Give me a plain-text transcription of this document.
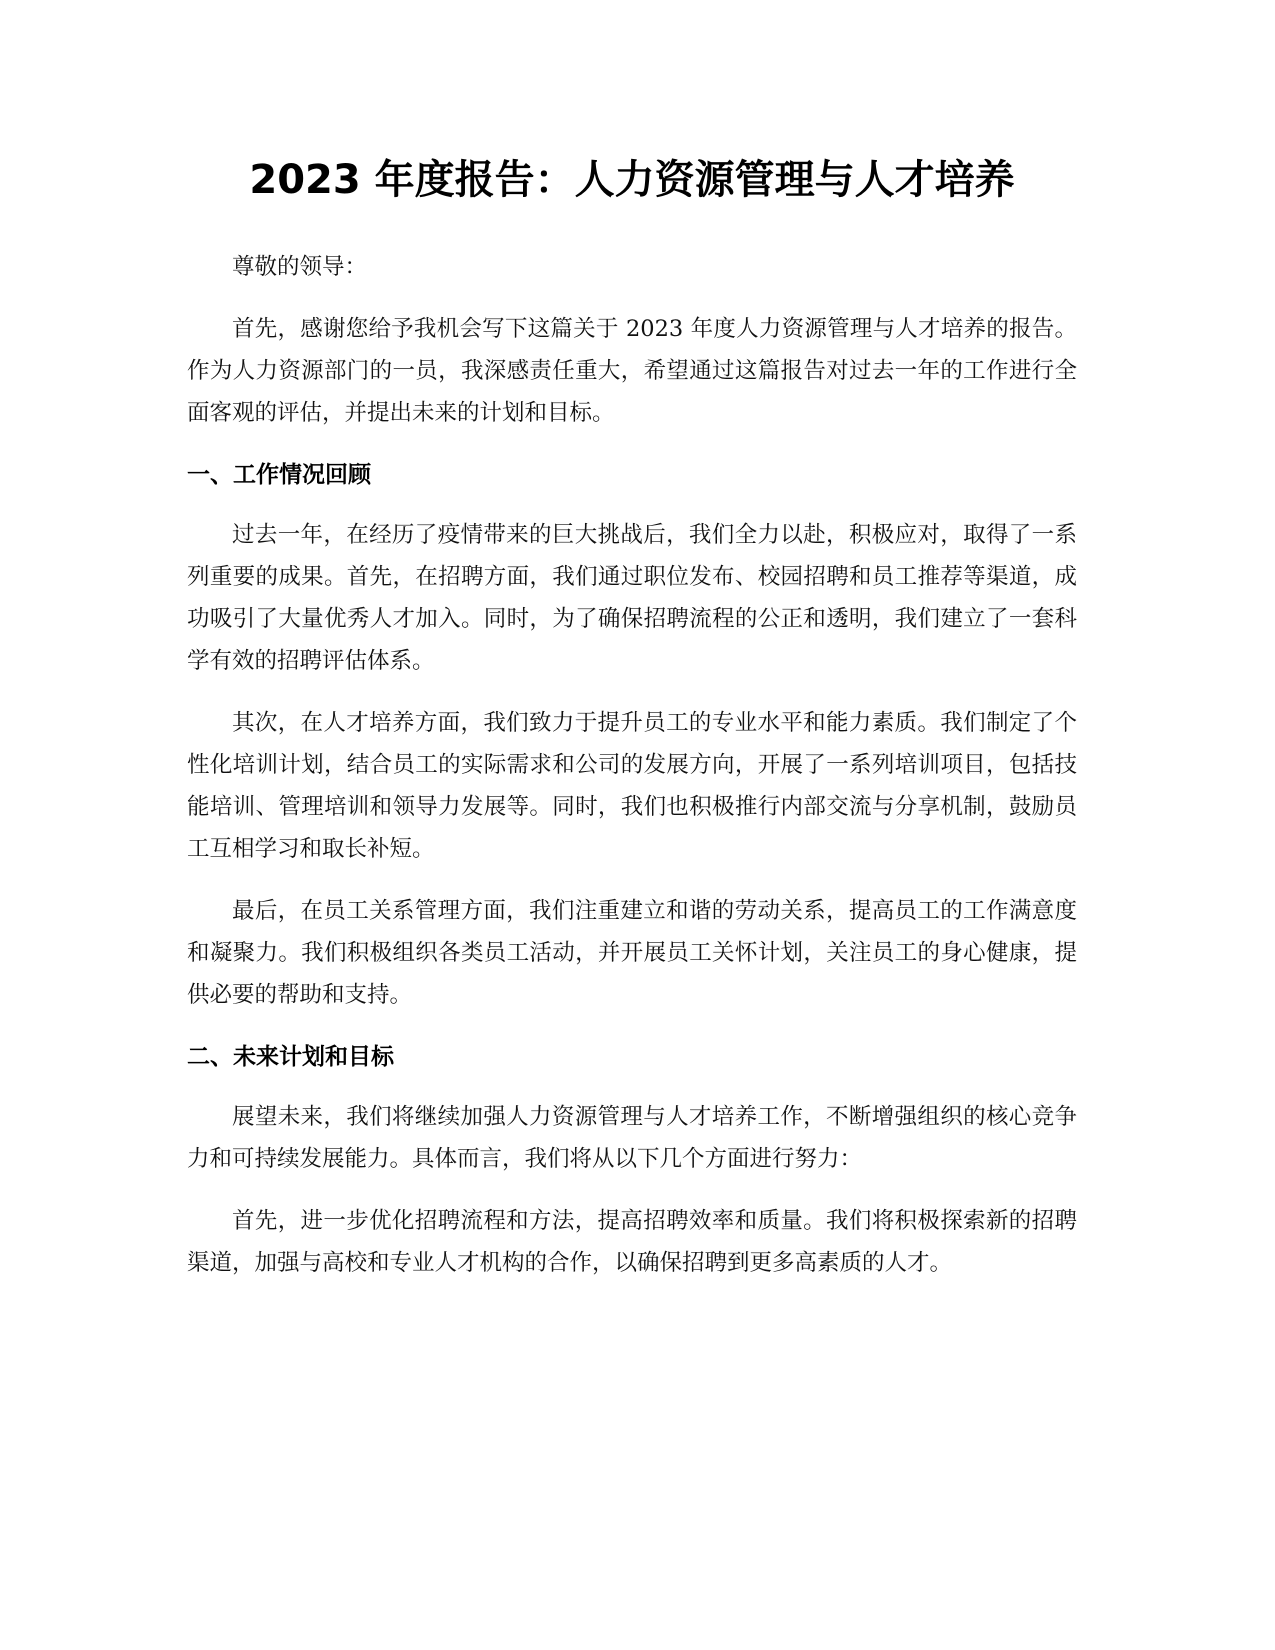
2023 年度报告：人力资源管理与人才培养

尊敬的领导：

首先，感谢您给予我机会写下这篇关于 2023 年度人力资源管理与人才培养的报告。作为人力资源部门的一员，我深感责任重大，希望通过这篇报告对过去一年的工作进行全面客观的评估，并提出未来的计划和目标。

一、工作情况回顾

过去一年，在经历了疫情带来的巨大挑战后，我们全力以赴，积极应对，取得了一系列重要的成果。首先，在招聘方面，我们通过职位发布、校园招聘和员工推荐等渠道，成功吸引了大量优秀人才加入。同时，为了确保招聘流程的公正和透明，我们建立了一套科学有效的招聘评估体系。

其次，在人才培养方面，我们致力于提升员工的专业水平和能力素质。我们制定了个性化培训计划，结合员工的实际需求和公司的发展方向，开展了一系列培训项目，包括技能培训、管理培训和领导力发展等。同时，我们也积极推行内部交流与分享机制，鼓励员工互相学习和取长补短。

最后，在员工关系管理方面，我们注重建立和谐的劳动关系，提高员工的工作满意度和凝聚力。我们积极组织各类员工活动，并开展员工关怀计划，关注员工的身心健康，提供必要的帮助和支持。

二、未来计划和目标

展望未来，我们将继续加强人力资源管理与人才培养工作，不断增强组织的核心竞争力和可持续发展能力。具体而言，我们将从以下几个方面进行努力：

首先，进一步优化招聘流程和方法，提高招聘效率和质量。我们将积极探索新的招聘渠道，加强与高校和专业人才机构的合作，以确保招聘到更多高素质的人才。
